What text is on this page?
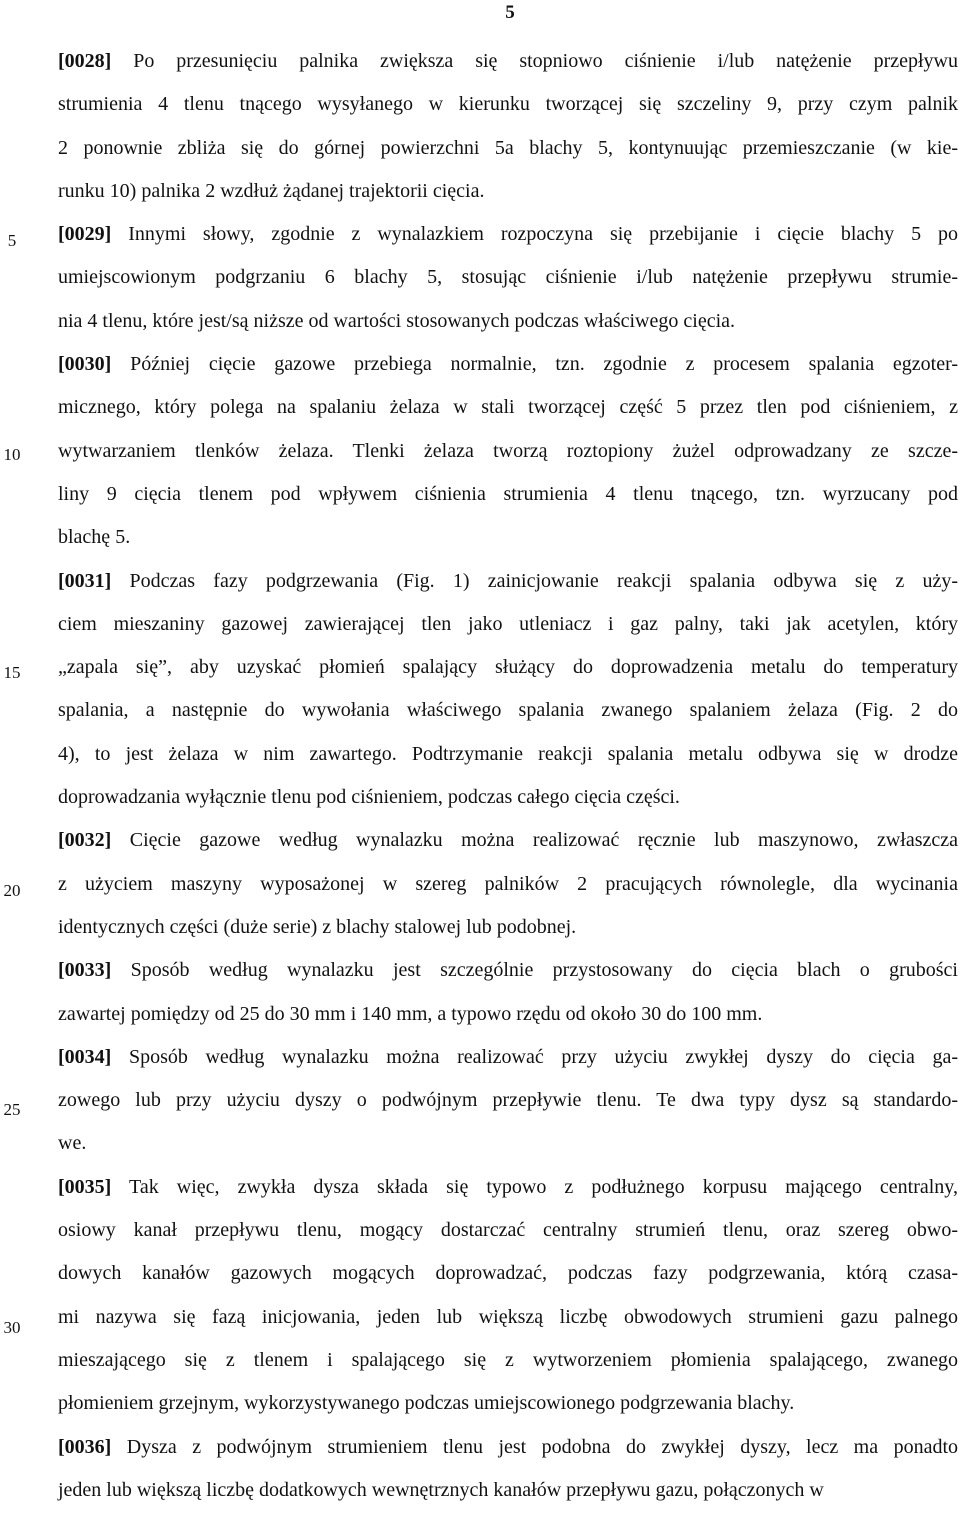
5
5
10
15
20
25
30
[0028] Po przesunięciu palnika zwiększa się stopniowo ciśnienie i/lub natężenie przepływu
strumienia 4 tlenu tnącego wysyłanego w kierunku tworzącej się szczeliny 9, przy czym palnik
2 ponownie zbliża się do górnej powierzchni 5a blachy 5, kontynuując przemieszczanie (w kie-
runku 10) palnika 2 wzdłuż żądanej trajektorii cięcia.
[0029] Innymi słowy, zgodnie z wynalazkiem rozpoczyna się przebijanie i cięcie blachy 5 po
umiejscowionym podgrzaniu 6 blachy 5, stosując ciśnienie i/lub natężenie przepływu strumie-
nia 4 tlenu, które jest/są niższe od wartości stosowanych podczas właściwego cięcia.
[0030] Później cięcie gazowe przebiega normalnie, tzn. zgodnie z procesem spalania egzoter-
micznego, który polega na spalaniu żelaza w stali tworzącej część 5 przez tlen pod ciśnieniem, z
wytwarzaniem tlenków żelaza. Tlenki żelaza tworzą roztopiony żużel odprowadzany ze szcze-
liny 9 cięcia tlenem pod wpływem ciśnienia strumienia 4 tlenu tnącego, tzn. wyrzucany pod
blachę 5.
[0031] Podczas fazy podgrzewania (Fig. 1) zainicjowanie reakcji spalania odbywa się z uży-
ciem mieszaniny gazowej zawierającej tlen jako utleniacz i gaz palny, taki jak acetylen, który
„zapala się”, aby uzyskać płomień spalający służący do doprowadzenia metalu do temperatury
spalania, a następnie do wywołania właściwego spalania zwanego spalaniem żelaza (Fig. 2 do
4), to jest żelaza w nim zawartego. Podtrzymanie reakcji spalania metalu odbywa się w drodze
doprowadzania wyłącznie tlenu pod ciśnieniem, podczas całego cięcia części.
[0032] Cięcie gazowe według wynalazku można realizować ręcznie lub maszynowo, zwłaszcza
z użyciem maszyny wyposażonej w szereg palników 2 pracujących równolegle, dla wycinania
identycznych części (duże serie) z blachy stalowej lub podobnej.
[0033] Sposób według wynalazku jest szczególnie przystosowany do cięcia blach o grubości
zawartej pomiędzy od 25 do 30 mm i 140 mm, a typowo rzędu od około 30 do 100 mm.
[0034] Sposób według wynalazku można realizować przy użyciu zwykłej dyszy do cięcia ga-
zowego lub przy użyciu dyszy o podwójnym przepływie tlenu. Te dwa typy dysz są standardo-
we.
[0035] Tak więc, zwykła dysza składa się typowo z podłużnego korpusu mającego centralny,
osiowy kanał przepływu tlenu, mogący dostarczać centralny strumień tlenu, oraz szereg obwo-
dowych kanałów gazowych mogących doprowadzać, podczas fazy podgrzewania, którą czasa-
mi nazywa się fazą inicjowania, jeden lub większą liczbę obwodowych strumieni gazu palnego
mieszającego się z tlenem i spalającego się z wytworzeniem płomienia spalającego, zwanego
płomieniem grzejnym, wykorzystywanego podczas umiejscowionego podgrzewania blachy.
[0036] Dysza z podwójnym strumieniem tlenu jest podobna do zwykłej dyszy, lecz ma ponadto
jeden lub większą liczbę dodatkowych wewnętrznych kanałów przepływu gazu, połączonych w
